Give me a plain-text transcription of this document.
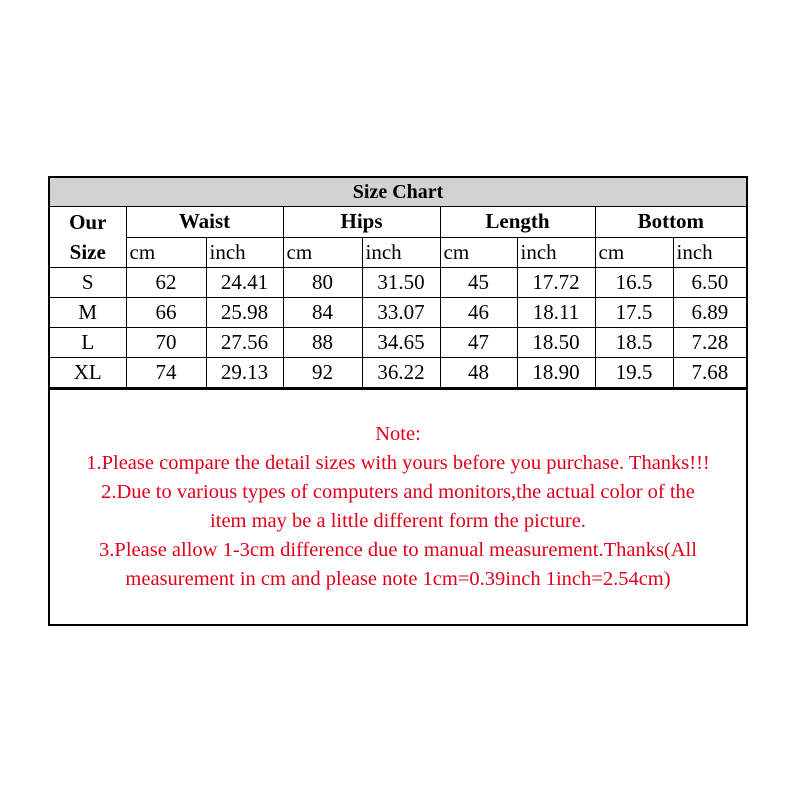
Size Chart								
Our
Size	Waist		Hips		Length		Bottom	
	cm	inch	cm	inch	cm	inch	cm	inch
S	62	24.41	80	31.50	45	17.72	16.5	6.50
M	66	25.98	84	33.07	46	18.11	17.5	6.89
L	70	27.56	88	34.65	47	18.50	18.5	7.28
XL	74	29.13	92	36.22	48	18.90	19.5	7.68
Note:
1.Please compare the detail sizes with yours before you purchase. Thanks!!!
2.Due to various types of computers and monitors,the actual color of the
item may be a little different form the picture.
3.Please allow 1-3cm difference due to manual measurement.Thanks(All
measurement in cm and please note 1cm=0.39inch 1inch=2.54cm)
